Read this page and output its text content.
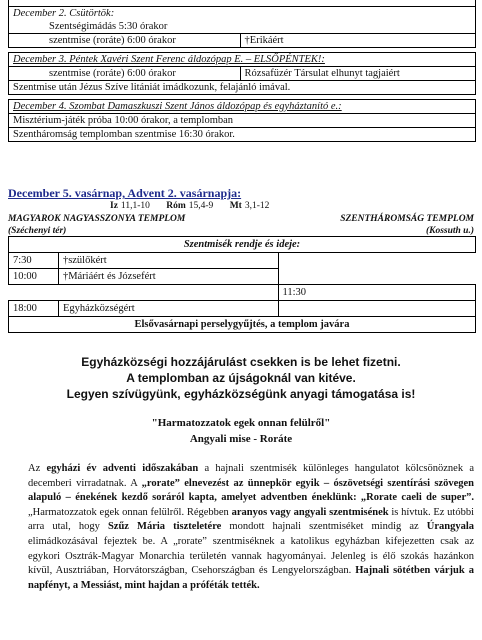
December 2. Csütörtök:	
Szentségimádás 5:30 órakor	
szentmise (roráte) 6:00 órakor	†Erikáért

December 3. Péntek Xavéri Szent Ferenc áldozópap E. – ELSŐPÉNTEK!:	
szentmise (roráte) 6:00 órakor	Rózsafüzér Társulat elhunyt tagjaiért
Szentmise után Jézus Szíve litániát imádkozunk, felajánló imával.	

December 4. Szombat Damaszkuszi Szent János áldozópap és egyháztanító e.:	
Misztérium-játék próba 10:00 órakor, a templomban	
Szentháromság templomban szentmise 16:30 órakor.	
December 5. vasárnap, Advent 2. vasárnapja:
Iz 11,1-10 Róm 15,4-9 Mt 3,1-12
MAGYAROK NAGYASSZONYA TEMPLOM
(Széchenyi tér)
SZENTHÁROMSÁG TEMPLOM
(Kossuth u.)
Szentmisék rendje és ideje:		
7:30	†szülőkért	
10:00	†Máriáért és Józsefért	
		11:30
18:00	Egyházközségért	
Elsővasárnapi perselygyűjtés, a templom javára		
Egyházközségi hozzájárulást csekken is be lehet fizetni.
A templomban az újságoknál van kitéve.
Legyen szívügyünk, egyházközségünk anyagi támogatása is!
"Harmatozzatok egek onnan felülről"
Angyali mise - Roráte
Az egyházi év adventi időszakában a hajnali szentmisék különleges hangulatot kölcsönöznek a decemberi virradatnak. A „rorate” elnevezést az ünnepkör egyik – ószövetségi szentírási szövegen alapuló – énekének kezdő soráról kapta, amelyet adventben éneklünk: „Rorate caeli de super”. „Harmatozzatok egek onnan felülről. Régebben aranyos vagy angyali szentmisének is hívtuk. Ez utóbbi arra utal, hogy Szűz Mária tiszteletére mondott hajnali szentmiséket mindig az Úrangyala elimádkozásával fejeztek be. A „rorate” szentmiséknek a katolikus egyházban kifejezetten csak az egykori Osztrák-Magyar Monarchia területén vannak hagyományai. Jelenleg is élő szokás hazánkon kívül, Ausztriában, Horvátországban, Csehországban és Lengyelországban. Hajnali sötétben várjuk a napfényt, a Messiást, mint hajdan a próféták tették.
